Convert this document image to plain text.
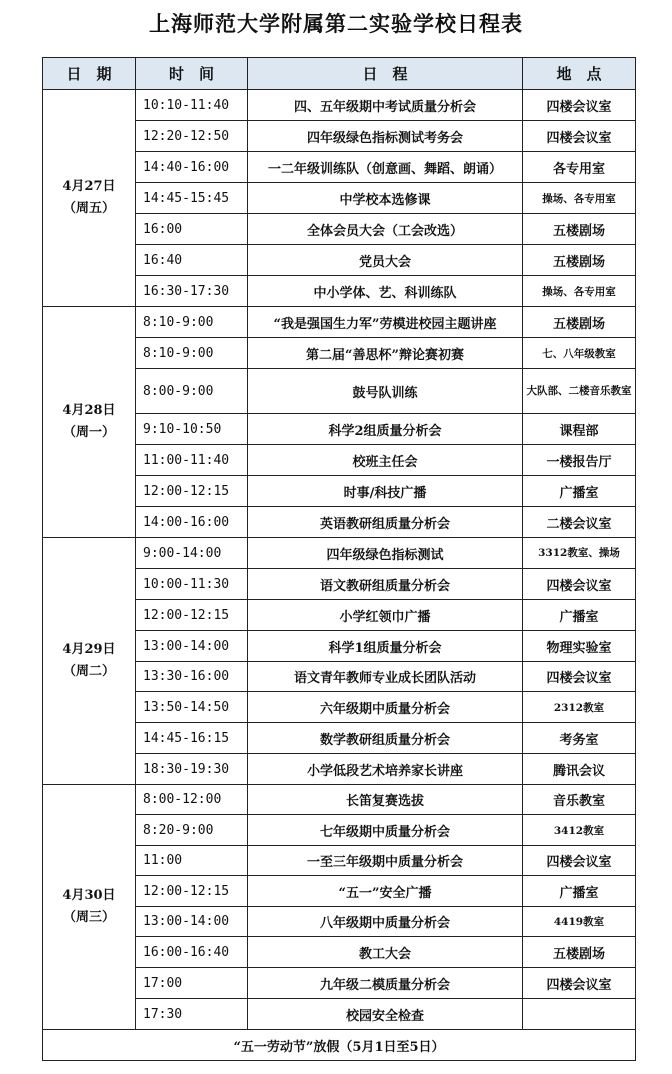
上海师范大学附属第二实验学校日程表
日　期	时　间	日　程	地　点

4月27日
（周五）	10:10-11:40	四、五年级期中考试质量分析会	四楼会议室
	12:20-12:50	四年级绿色指标测试考务会	四楼会议室
	14:40-16:00	一二年级训练队（创意画、舞蹈、朗诵）	各专用室
	14:45-15:45	中学校本选修课	操场、各专用室
	16:00	全体会员大会（工会改选）	五楼剧场
	16:40	党员大会	五楼剧场
	16:30-17:30	中小学体、艺、科训练队	操场、各专用室

4月28日
（周一）	8:10-9:00	“我是强国生力军”劳模进校园主题讲座	五楼剧场
	8:10-9:00	第二届“善思杯”辩论赛初赛	七、八年级教室
	8:00-9:00	鼓号队训练	大队部、二楼音乐教室
	9:10-10:50	科学2组质量分析会	课程部
	11:00-11:40	校班主任会	一楼报告厅
	12:00-12:15	时事/科技广播	广播室
	14:00-16:00	英语教研组质量分析会	二楼会议室

4月29日
（周二）	9:00-14:00	四年级绿色指标测试	3312教室、操场
	10:00-11:30	语文教研组质量分析会	四楼会议室
	12:00-12:15	小学红领巾广播	广播室
	13:00-14:00	科学1组质量分析会	物理实验室
	13:30-16:00	语文青年教师专业成长团队活动	四楼会议室
	13:50-14:50	六年级期中质量分析会	2312教室
	14:45-16:15	数学教研组质量分析会	考务室
	18:30-19:30	小学低段艺术培养家长讲座	腾讯会议

4月30日
（周三）	8:00-12:00	长笛复赛选拔	音乐教室
	8:20-9:00	七年级期中质量分析会	3412教室
	11:00	一至三年级期中质量分析会	四楼会议室
	12:00-12:15	“五一”安全广播	广播室
	13:00-14:00	八年级期中质量分析会	4419教室
	16:00-16:40	教工大会	五楼剧场
	17:00	九年级二模质量分析会	四楼会议室
	17:30	校园安全检查	
“五一劳动节”放假（5月1日至5日）			
